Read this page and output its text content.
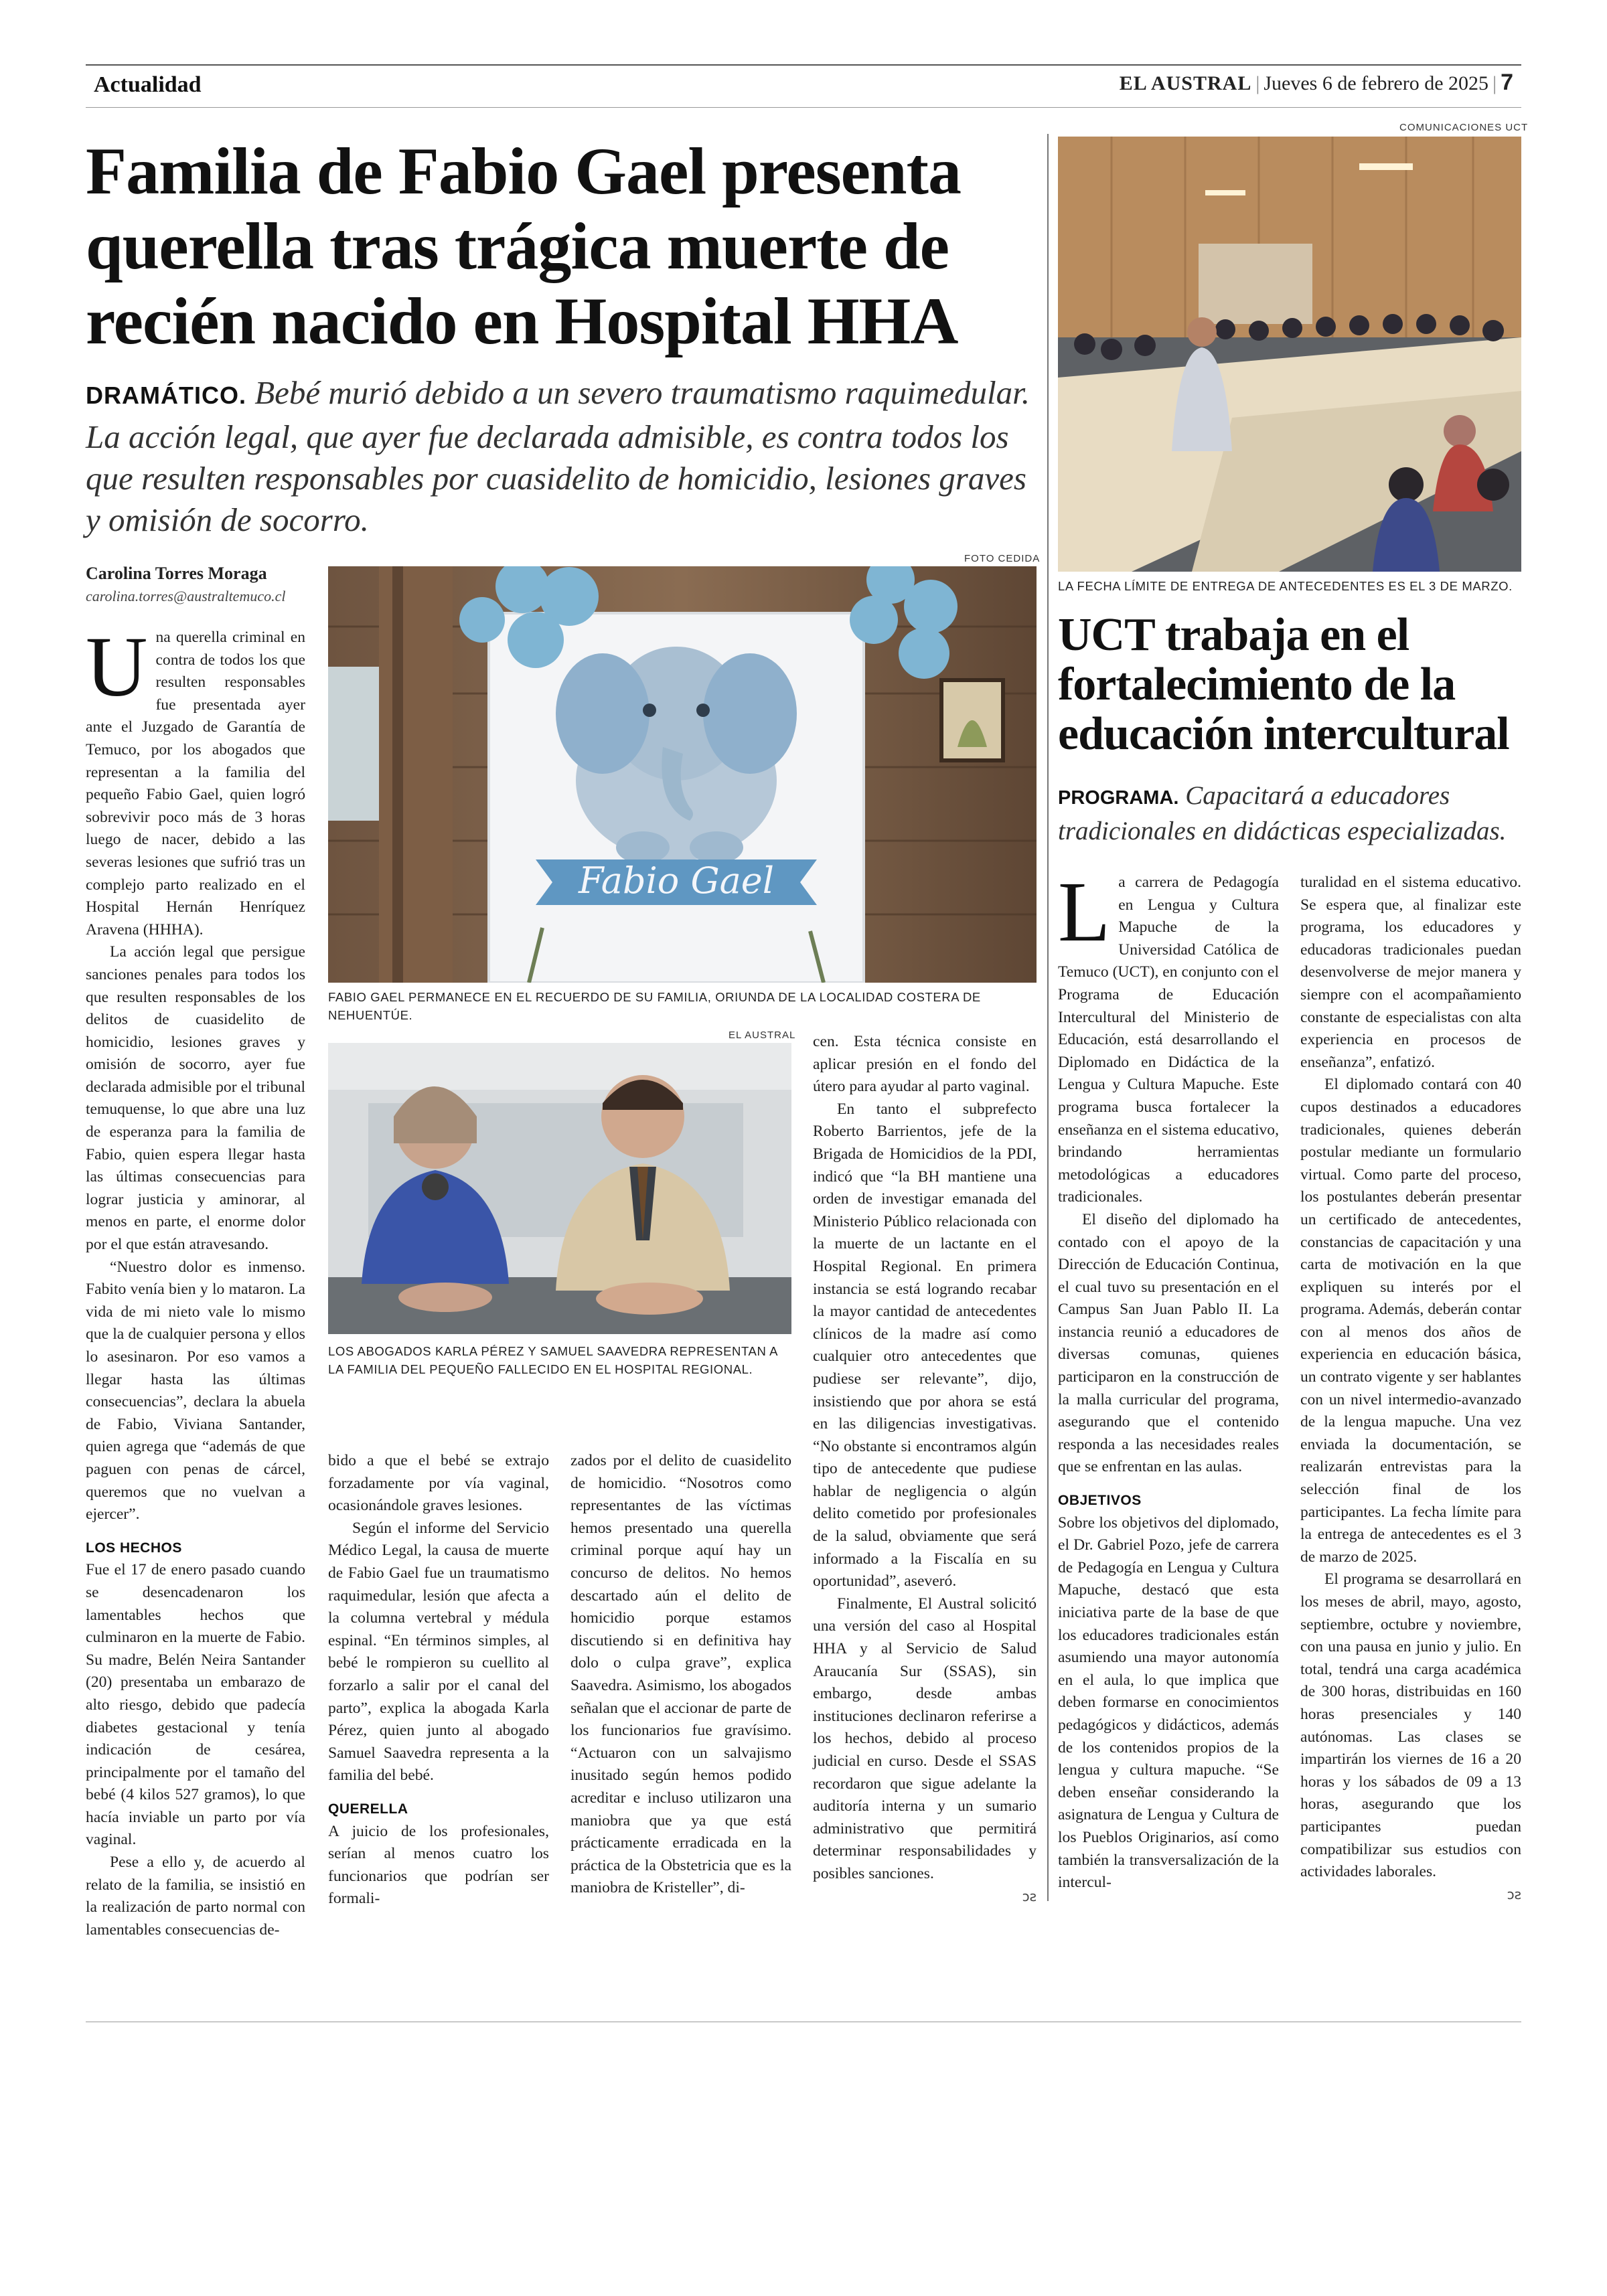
Actualidad	EL AUSTRAL | Jueves 6 de febrero de 2025 | 7
Familia de Fabio Gael presenta querella tras trágica muerte de recién nacido en Hospital HHA
DRAMÁTICO. Bebé murió debido a un severo traumatismo raquimedular. La acción legal, que ayer fue declarada admisible, es contra todos los que resulten responsables por cuasidelito de homicidio, lesiones graves y omisión de socorro.
Carolina Torres Moraga
carolina.torres@australtemuco.cl
FOTO CEDIDA
Fabio Gael
FABIO GAEL PERMANECE EN EL RECUERDO DE SU FAMILIA, ORIUNDA DE LA LOCALIDAD COSTERA DE NEHUENTÚE.
EL AUSTRAL
LOS ABOGADOS KARLA PÉREZ Y SAMUEL SAAVEDRA REPRESENTAN A LA FAMILIA DEL PEQUEÑO FALLECIDO EN EL HOSPITAL REGIONAL.

Una querella criminal en contra de todos los que resulten responsables fue presentada ayer ante el Juzgado de Garantía de Temuco, por los abogados que representan a la familia del pequeño Fabio Gael, quien logró sobrevivir poco más de 3 horas luego de nacer, debido a las severas lesiones que sufrió tras un complejo parto realizado en el Hospital Hernán Henríquez Aravena (HHHA).

La acción legal que persigue sanciones penales para todos los que resulten responsables de los delitos de cuasidelito de homicidio, lesiones graves y omisión de socorro, ayer fue declarada admisible por el tribunal temuquense, lo que abre una luz de esperanza para la familia de Fabio, quien espera llegar hasta las últimas consecuencias para lograr justicia y aminorar, al menos en parte, el enorme dolor por el que están atravesando.

“Nuestro dolor es inmenso. Fabito venía bien y lo mataron. La vida de mi nieto vale lo mismo que la de cualquier persona y ellos lo asesinaron. Por eso vamos a llegar hasta las últimas consecuencias”, declara la abuela de Fabio, Viviana Santander, quien agrega que “además de que paguen con penas de cárcel, queremos que no vuelvan a ejercer”.

LOS HECHOS

Fue el 17 de enero pasado cuando se desencadenaron los lamentables hechos que culminaron en la muerte de Fabio. Su madre, Belén Neira Santander (20) presentaba un embarazo de alto riesgo, debido que padecía diabetes gestacional y tenía indicación de cesárea, principalmente por el tamaño del bebé (4 kilos 527 gramos), lo que hacía inviable un parto por vía vaginal.

Pese a ello y, de acuerdo al relato de la familia, se insistió en la realización de parto normal con lamentables consecuencias de-

bido a que el bebé se extrajo forzadamente por vía vaginal, ocasionándole graves lesiones.

Según el informe del Servicio Médico Legal, la causa de muerte de Fabio Gael fue un traumatismo raquimedular, lesión que afecta a la columna vertebral y médula espinal. “En términos simples, al bebé le rompieron su cuellito al forzarlo a salir por el canal del parto”, explica la abogada Karla Pérez, quien junto al abogado Samuel Saavedra representa a la familia del bebé.

QUERELLA

A juicio de los profesionales, serían al menos cuatro los funcionarios que podrían ser formali-

zados por el delito de cuasidelito de homicidio. “Nosotros como representantes de las víctimas hemos presentado una querella criminal porque aquí hay un concurso de delitos. No hemos descartado aún el delito de homicidio porque estamos discutiendo si en definitiva hay dolo o culpa grave”, explica Saavedra. Asimismo, los abogados señalan que el accionar de parte de los funcionarios fue gravísimo. “Actuaron con un salvajismo inusitado según hemos podido acreditar e incluso utilizaron una maniobra que ya que está prácticamente erradicada en la práctica de la Obstetricia que es la maniobra de Kristeller”, di-

cen. Esta técnica consiste en aplicar presión en el fondo del útero para ayudar al parto vaginal.

En tanto el subprefecto Roberto Barrientos, jefe de la Brigada de Homicidios de la PDI, indicó que “la BH mantiene una orden de investigar emanada del Ministerio Público relacionada con la muerte de un lactante en el Hospital Regional. En primera instancia se está logrando recabar la mayor cantidad de antecedentes clínicos de la madre así como cualquier otro antecedentes que pudiese ser relevante”, dijo, insistiendo que por ahora se está en las diligencias investigativas. “No obstante si encontramos algún tipo de antecedente que pudiese hablar de negligencia o algún delito cometido por profesionales de la salud, obviamente que será informado a la Fiscalía en su oportunidad”, aseveró.

Finalmente, El Austral solicitó una versión del caso al Hospital HHA y al Servicio de Salud Araucanía Sur (SSAS), sin embargo, desde ambas instituciones declinaron referirse a los hechos, debido al proceso judicial en curso. Desde el SSAS recordaron que sigue adelante la auditoría interna y un sumario administrativo que permitirá determinar responsabilidades y posibles sanciones.

ↄƨ

COMUNICACIONES UCT
LA FECHA LÍMITE DE ENTREGA DE ANTECEDENTES ES EL 3 DE MARZO.
UCT trabaja en el fortalecimiento de la educación intercultural
PROGRAMA. Capacitará a educadores tradicionales en didácticas especializadas.

La carrera de Pedagogía en Lengua y Cultura Mapuche de la Universidad Católica de Temuco (UCT), en conjunto con el Programa de Educación Intercultural del Ministerio de Educación, está desarrollando el Diplomado en Didáctica de la Lengua y Cultura Mapuche. Este programa busca fortalecer la enseñanza en el sistema educativo, brindando herramientas metodológicas a educadores tradicionales.

El diseño del diplomado ha contado con el apoyo de la Dirección de Educación Continua, el cual tuvo su presentación en el Campus San Juan Pablo II. La instancia reunió a educadores de diversas comunas, quienes participaron en la construcción de la malla curricular del programa, asegurando que el contenido responda a las necesidades reales que se enfrentan en las aulas.

OBJETIVOS

Sobre los objetivos del diplomado, el Dr. Gabriel Pozo, jefe de carrera de Pedagogía en Lengua y Cultura Mapuche, destacó que esta iniciativa parte de la base de que los educadores tradicionales están asumiendo una mayor autonomía en el aula, lo que implica que deben formarse en conocimientos pedagógicos y didácticos, además de los contenidos propios de la lengua y cultura mapuche. “Se deben enseñar considerando la asignatura de Lengua y Cultura de los Pueblos Originarios, así como también la transversalización de la intercul-

turalidad en el sistema educativo. Se espera que, al finalizar este programa, los educadores y educadoras tradicionales puedan desenvolverse de mejor manera y siempre con el acompañamiento constante de especialistas con alta experiencia en procesos de enseñanza”, enfatizó.

El diplomado contará con 40 cupos destinados a educadores tradicionales, quienes deberán postular mediante un formulario virtual. Como parte del proceso, los postulantes deberán presentar un certificado de antecedentes, constancias de capacitación y una carta de motivación en la que expliquen su interés por el programa. Además, deberán contar con al menos dos años de experiencia en educación básica, un contrato vigente y ser hablantes con un nivel intermedio-avanzado de la lengua mapuche. Una vez enviada la documentación, se realizarán entrevistas para la selección final de los participantes. La fecha límite para la entrega de antecedentes es el 3 de marzo de 2025.

El programa se desarrollará en los meses de abril, mayo, agosto, septiembre, octubre y noviembre, con una pausa en junio y julio. En total, tendrá una carga académica de 300 horas, distribuidas en 160 horas presenciales y 140 autónomas. Las clases se impartirán los viernes de 16 a 20 horas y los sábados de 09 a 13 horas, asegurando que los participantes puedan compatibilizar sus estudios con actividades laborales.

ↄƨ
